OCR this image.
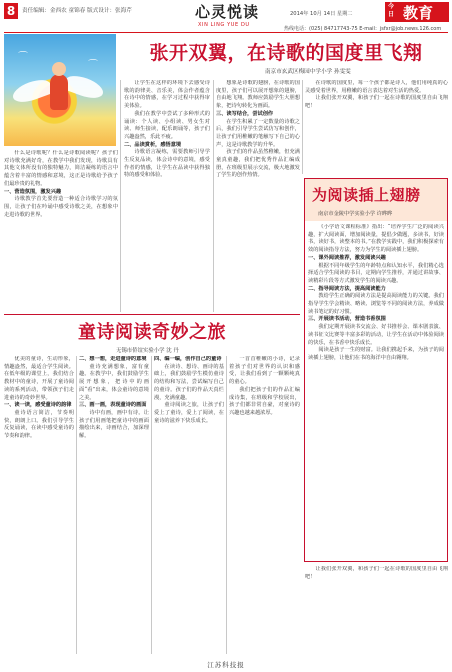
8	责任编辑：金西农 童锦春 版式设计：张海芹	心灵悦读
XIN LING YUE DU
2014年 10月 14日 星期二
今日 教育
热线电话：(025) 84717743-75 E-mail：jsfxr@job.news.126.com
⌒
⌒
张开双翼，在诗歌的国度里飞翔
南京市玄武区梅园中学小学 孙雯雯

什么是诗歌呢？什么是诗歌阅读呢？孩子们对诗歌充满好奇，在教学中我们发现，诗歌具有其他文体所没有的独特魅力，简洁凝练的语言中蕴含着丰富的情感和意境，这正是诗歌给予孩子们最珍贵的礼物。

一、营造氛围，激发兴趣

诗歌教学首先要营造一种适合诗歌学习的氛围，让孩子们在吟诵中感受诗歌之美，在想象中走进诗歌的世界。

让学生在这样的环境下去感受诗歌的韵律美、音乐美，体会作者蕴含在诗中的情感，在学习过程中获得审美体验。

我们在教学中尝试了多种形式的诵读：个人读、小组读、男女生对读、师生接读，配乐朗诵等，孩子们兴趣盎然，乐此不疲。

二、品读赏析，感悟意境

诗歌语言凝练，需要教师引导学生反复品读，体会诗中的意境，感受作者的情感，让学生在品读中获得独特的感受和体验。

想象是诗歌的翅膀，在诗歌的国度里，孩子们可以展开想象的翅膀，自由地飞翔。教师应鼓励学生大胆想象，把诗句转化为画面。

三、读写结合，尝试创作

在学生积累了一定数量的诗歌之后，我们引导学生尝试仿写和创作，让孩子们用稚嫩的笔触写下自己的心声，这是诗歌教学的升华。

孩子们的作品虽然稚嫩，但充满童真童趣，我们把优秀作品汇编成册，在班级里展示交流，极大地激发了学生的创作热情。

在诗歌的国度里，每一个孩子都是诗人，他们用纯真的心灵感受着世界，用稚嫩的语言表达着对生活的热爱。

让我们张开双翼，和孩子们一起在诗歌的国度里自由飞翔吧！

为阅读插上翅膀
南京市金陵中学实验小学 许晔晔

《小学语文课程标准》指出：“培养学生广泛的阅读兴趣，扩大阅读面，增加阅读量，提倡少做题，多读书，好读书，读好书，读整本的书。”在教学实践中，我们积极探索有效的阅读指导方法，努力为学生的阅读插上翅膀。

一、课外阅读推荐，激发阅读兴趣

根据不同年级学生的年龄特点和认知水平，我们精心选择适合学生阅读的书目，定期向学生推荐，并通过讲故事、读精彩片段等方式激发学生的阅读兴趣。

二、指导阅读方法，提高阅读能力

教给学生正确的阅读方法是提高阅读能力的关键。我们指导学生学会精读、略读、浏览等不同的阅读方法，养成做读书笔记的好习惯。

三、开展读书活动，营造书香氛围

我们定期开展读书交流会、好书推荐会、课本剧表演、读书征文比赛等丰富多彩的活动，让学生在活动中体验阅读的快乐，在书香中快乐成长。

阅读是孩子一生的财富。让我们携起手来，为孩子的阅读插上翅膀，让他们在书的海洋中自由翱翔。

童诗阅读奇妙之旅
无锡市侨谊实验小学 沈 丹

优美的童诗，生动形象，情趣盎然，最适合学生阅读。在低年级的课堂上，我们结合教材中的童诗，开展了童诗阅读的系列活动，带领孩子们走进童诗的奇妙世界。

一、读一读，感受童诗的韵律

童诗语言简洁，节奏明快，朗朗上口。我们引导学生反复诵读，在读中感受童诗的节奏和韵律。

二、想一想，走进童诗的意境

童诗充满想象，富有童趣。在教学中，我们鼓励学生展开想象，把诗中的画面“看”出来，体会童诗的意境之美。

三、画一画，表现童诗的画面

诗中有画，画中有诗。让孩子们用画笔把童诗中的画面描绘出来，诗画结合，加深理解。

四、编一编，创作自己的童诗

在读诗、想诗、画诗的基础上，我们鼓励学生模仿童诗的结构和写法，尝试编写自己的童诗。孩子们的作品天真烂漫，充满童趣。

童诗阅读之旅，让孩子们爱上了童诗，爱上了阅读，在童诗的滋养下快乐成长。

一首首稚嫩的小诗，记录着孩子们对世界的认识和感受，让我们看到了一颗颗纯真的童心。

我们把孩子们的作品汇编成诗集，在班级和学校展出，孩子们都非常自豪，对童诗的兴趣也越来越浓厚。

让我们张开双翼，和孩子们一起在诗歌的国度里自由飞翔吧！

江苏科技报
